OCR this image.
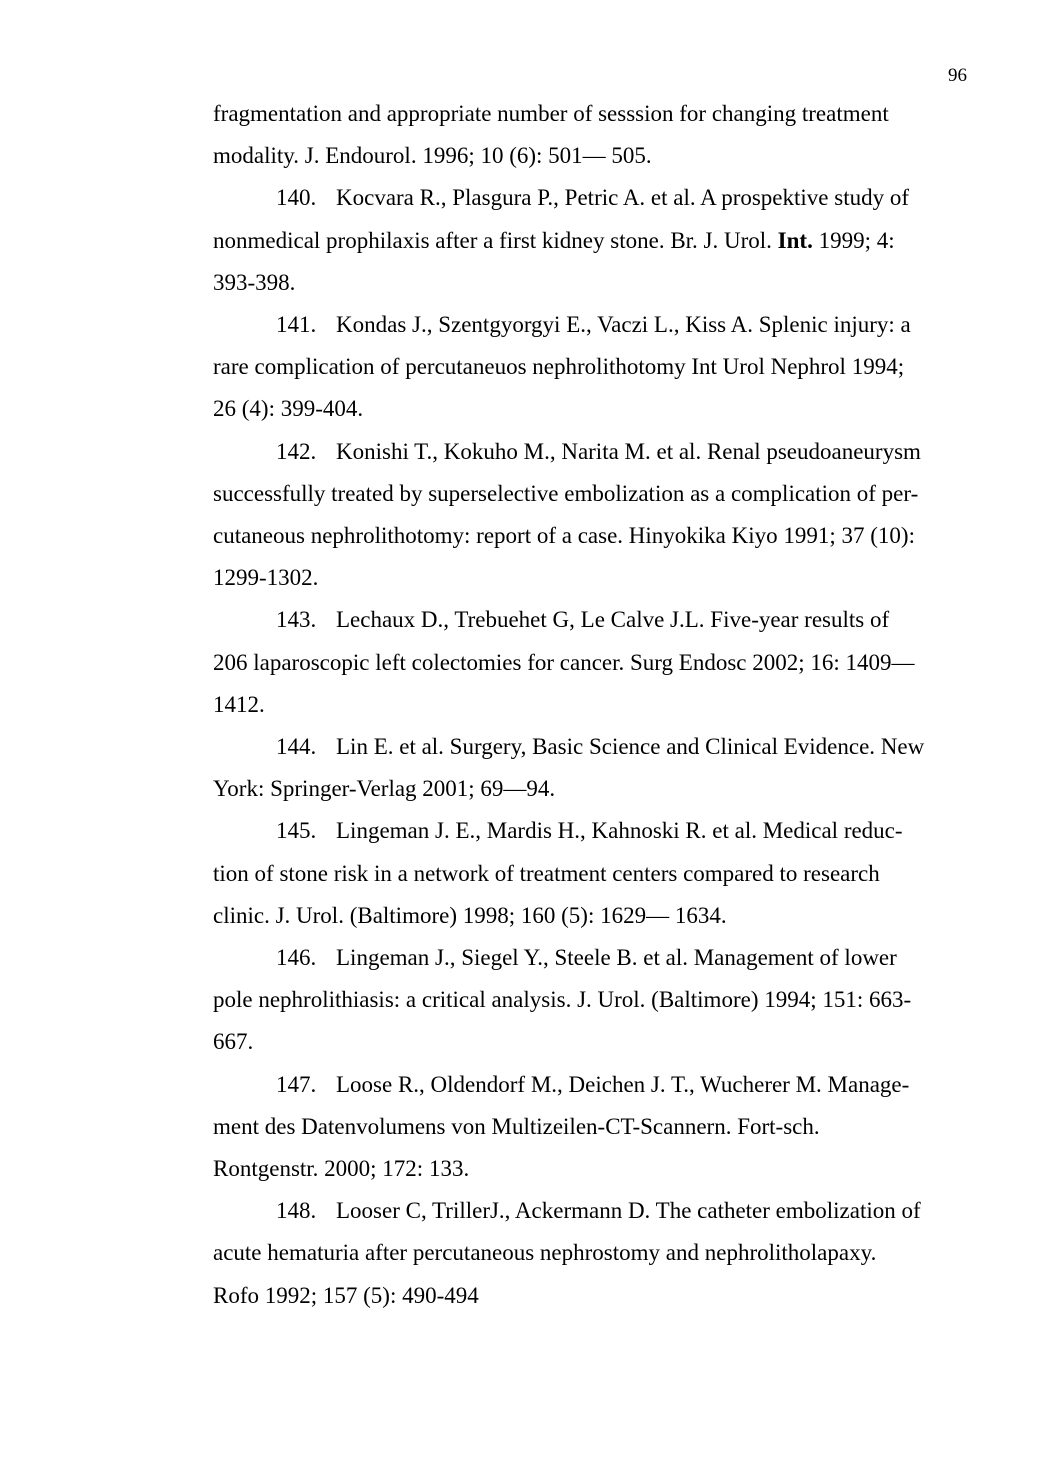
96
fragmentation and appropriate number of sesssion for changing treatment
modality. J. Endourol. 1996; 10 (6): 501— 505.
140. Kocvara R., Plasgura P., Petric A. et al. A prospektive study of
nonmedical prophilaxis after a first kidney stone. Br. J. Urol. Int. 1999; 4:
393-398.
141. Kondas J., Szentgyorgyi E., Vaczi L., Kiss A. Splenic injury: a
rare complication of percutaneuos nephrolithotomy Int Urol Nephrol 1994;
26 (4): 399-404.
142. Konishi T., Kokuho M., Narita M. et al. Renal pseudoaneurysm
successfully treated by superselective embolization as a complication of per-
cutaneous nephrolithotomy: report of a case. Hinyokika Kiyo 1991; 37 (10):
1299-1302.
143. Lechaux D., Trebuehet G, Le Calve J.L. Five-year results of
206 laparoscopic left colectomies for cancer. Surg Endosc 2002; 16: 1409—
1412.
144. Lin E. et al. Surgery, Basic Science and Clinical Evidence. New
York: Springer-Verlag 2001; 69—94.
145. Lingeman J. E., Mardis H., Kahnoski R. et al. Medical reduc-
tion of stone risk in a network of treatment centers compared to research
clinic. J. Urol. (Baltimore) 1998; 160 (5): 1629— 1634.
146. Lingeman J., Siegel Y., Steele B. et al. Management of lower
pole nephrolithiasis: a critical analysis. J. Urol. (Baltimore) 1994; 151: 663-
667.
147. Loose R., Oldendorf M., Deichen J. T., Wucherer M. Manage-
ment des Datenvolumens von Multizeilen-CT-Scannern. Fort-sch.
Rontgenstr. 2000; 172: 133.
148. Looser C, TrillerJ., Ackermann D. The catheter embolization of
acute hematuria after percutaneous nephrostomy and nephrolitholapaxy.
Rofo 1992; 157 (5): 490-494
